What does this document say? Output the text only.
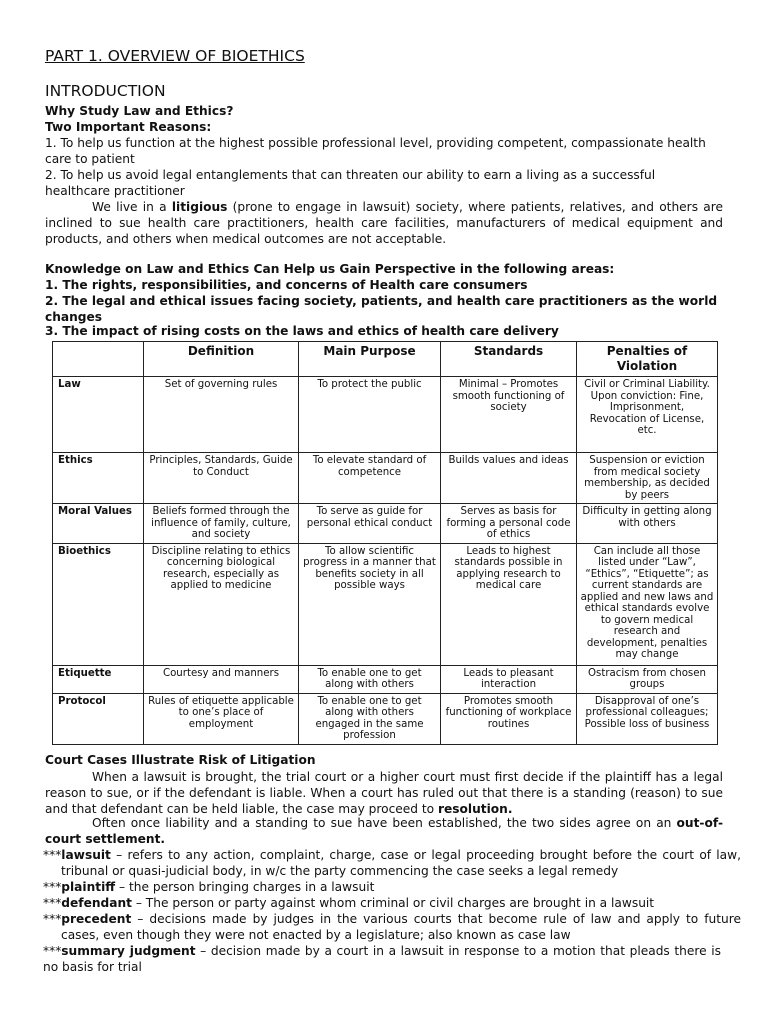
PART 1. OVERVIEW OF BIOETHICS
INTRODUCTION
Why Study Law and Ethics?
Two Important Reasons:
1. To help us function at the highest possible professional level, providing competent, compassionate health
care to patient
2. To help us avoid legal entanglements that can threaten our ability to earn a living as a successful
healthcare practitioner
We live in a litigious (prone to engage in lawsuit) society, where patients, relatives, and others are inclined to sue health care practitioners, health care facilities, manufacturers of medical equipment and products, and others when medical outcomes are not acceptable.
Knowledge on Law and Ethics Can Help us Gain Perspective in the following areas:
1. The rights, responsibilities, and concerns of Health care consumers
2. The legal and ethical issues facing society, patients, and health care practitioners as the world changes
3. The impact of rising costs on the laws and ethics of health care delivery
	Definition	Main Purpose	Standards	Penalties of Violation
Law	Set of governing rules	To protect the public	Minimal – Promotes smooth functioning of society	Civil or Criminal Liability. Upon conviction: Fine, Imprisonment, Revocation of License, etc.
Ethics	Principles, Standards, Guide to Conduct	To elevate standard of competence	Builds values and ideas	Suspension or eviction from medical society membership, as decided by peers
Moral Values	Beliefs formed through the influence of family, culture, and society	To serve as guide for personal ethical conduct	Serves as basis for forming a personal code of ethics	Difficulty in getting along with others
Bioethics	Discipline relating to ethics concerning biological research, especially as applied to medicine	To allow scientific progress in a manner that benefits society in all possible ways	Leads to highest standards possible in applying research to medical care	Can include all those listed under “Law”, “Ethics”, “Etiquette”; as current standards are applied and new laws and ethical standards evolve to govern medical research and development, penalties may change
Etiquette	Courtesy and manners	To enable one to get along with others	Leads to pleasant interaction	Ostracism from chosen groups
Protocol	Rules of etiquette applicable to one’s place of employment	To enable one to get along with others engaged in the same profession	Promotes smooth functioning of workplace routines	Disapproval of one’s professional colleagues; Possible loss of business
Court Cases Illustrate Risk of Litigation
When a lawsuit is brought, the trial court or a higher court must first decide if the plaintiff has a legal reason to sue, or if the defendant is liable. When a court has ruled out that there is a standing (reason) to sue and that defendant can be held liable, the case may proceed to resolution.
Often once liability and a standing to sue have been established, the two sides agree on an out-of-court settlement.
***lawsuit – refers to any action, complaint, charge, case or legal proceeding brought before the court of law, tribunal or quasi-judicial body, in w/c the party commencing the case seeks a legal remedy
***plaintiff – the person bringing charges in a lawsuit
***defendant – The person or party against whom criminal or civil charges are brought in a lawsuit
***precedent – decisions made by judges in the various courts that become rule of law and apply to future cases, even though they were not enacted by a legislature; also known as case law
***summary judgment – decision made by a court in a lawsuit in response to a motion that pleads there is no basis for trial
